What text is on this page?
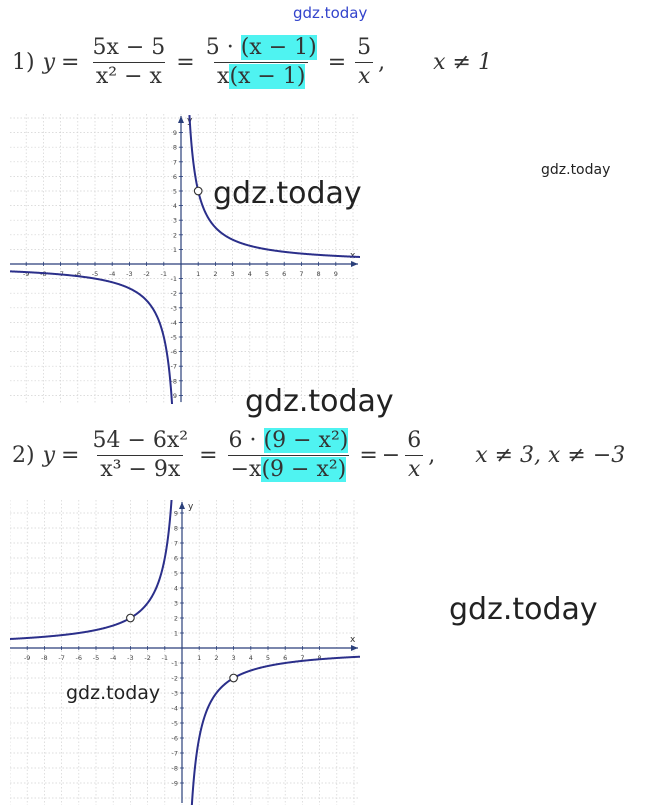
gdz.today
1) $y = \frac{5x - 5}{\text{x² − x}} = \frac{5 \cdot (x - 1)}{x(x - 1)} = \frac{5}{x}$ , x ≠ 1
x
y
-9 -8 -7 -6 -5 -4 -3 -2 -1	1 2 3 4 5 6 7 8 9
9
8
7
6
5
4
3
2
1
-1
-2
-3
-4
-5
-6
-7
-8
-9
gdz.today
gdz.today
gdz.today
2) $y = \frac{\text{54 − 6x²}}{\text{x³ − 9x}} = \frac{\text{6 · (9 − x²)}}{\text{−x(9 − x²)}}$ = − $\frac{6}{x}$ , x ≠ 3, x ≠ −3
x
y
-9 -8 -7 -6 -5 -4 -3 -2 -1	1 2 3 4 5 6 7 8
9
8
7
6
5
4
3
2
1
-1
-2
-3
-4
-5
-6
-7
-8
-9
gdz.today
gdz.today
